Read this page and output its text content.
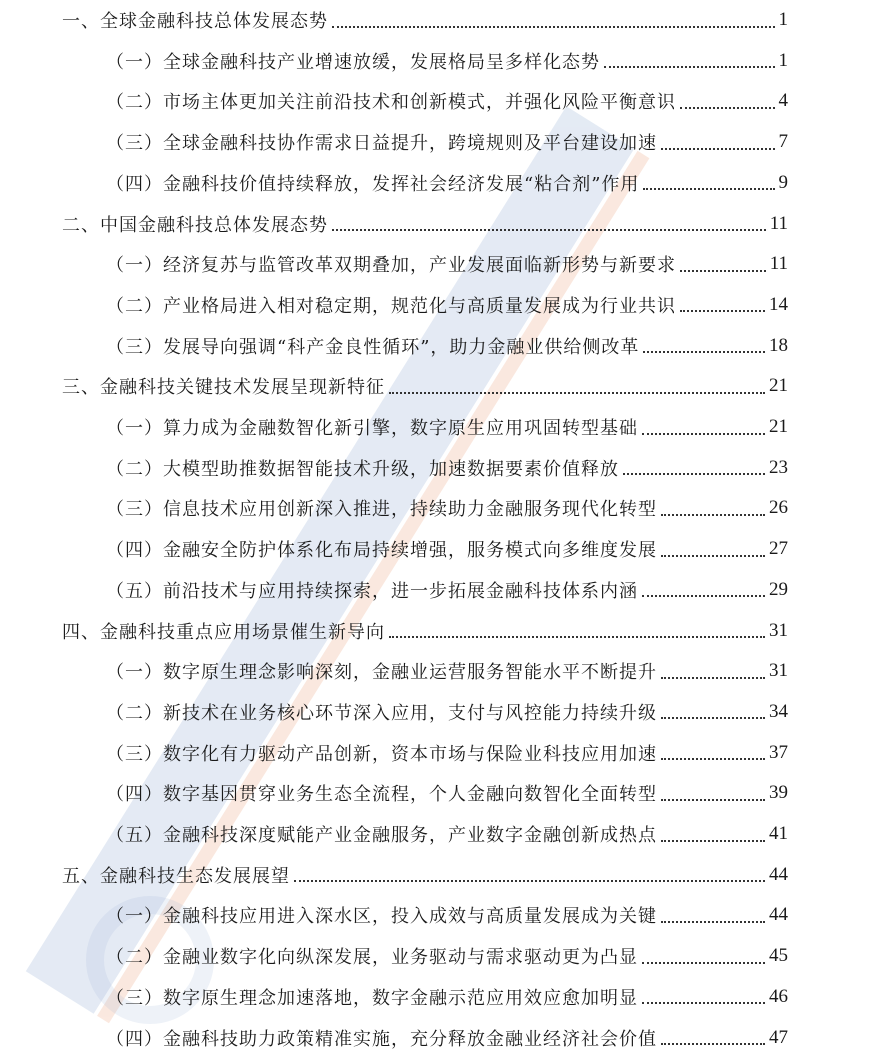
一、全球金融科技总体发展态势	1
（一）全球金融科技产业增速放缓，发展格局呈多样化态势	1
（二）市场主体更加关注前沿技术和创新模式，并强化风险平衡意识	4
（三）全球金融科技协作需求日益提升，跨境规则及平台建设加速	7
（四）金融科技价值持续释放，发挥社会经济发展“粘合剂”作用	9
二、中国金融科技总体发展态势	11
（一）经济复苏与监管改革双期叠加，产业发展面临新形势与新要求	11
（二）产业格局进入相对稳定期，规范化与高质量发展成为行业共识	14
（三）发展导向强调“科产金良性循环”，助力金融业供给侧改革	18
三、金融科技关键技术发展呈现新特征	21
（一）算力成为金融数智化新引擎，数字原生应用巩固转型基础	21
（二）大模型助推数据智能技术升级，加速数据要素价值释放	23
（三）信息技术应用创新深入推进，持续助力金融服务现代化转型	26
（四）金融安全防护体系化布局持续增强，服务模式向多维度发展	27
（五）前沿技术与应用持续探索，进一步拓展金融科技体系内涵	29
四、金融科技重点应用场景催生新导向	31
（一）数字原生理念影响深刻，金融业运营服务智能水平不断提升	31
（二）新技术在业务核心环节深入应用，支付与风控能力持续升级	34
（三）数字化有力驱动产品创新，资本市场与保险业科技应用加速	37
（四）数字基因贯穿业务生态全流程，个人金融向数智化全面转型	39
（五）金融科技深度赋能产业金融服务，产业数字金融创新成热点	41
五、金融科技生态发展展望	44
（一）金融科技应用进入深水区，投入成效与高质量发展成为关键	44
（二）金融业数字化向纵深发展，业务驱动与需求驱动更为凸显	45
（三）数字原生理念加速落地，数字金融示范应用效应愈加明显	46
（四）金融科技助力政策精准实施，充分释放金融业经济社会价值	47
